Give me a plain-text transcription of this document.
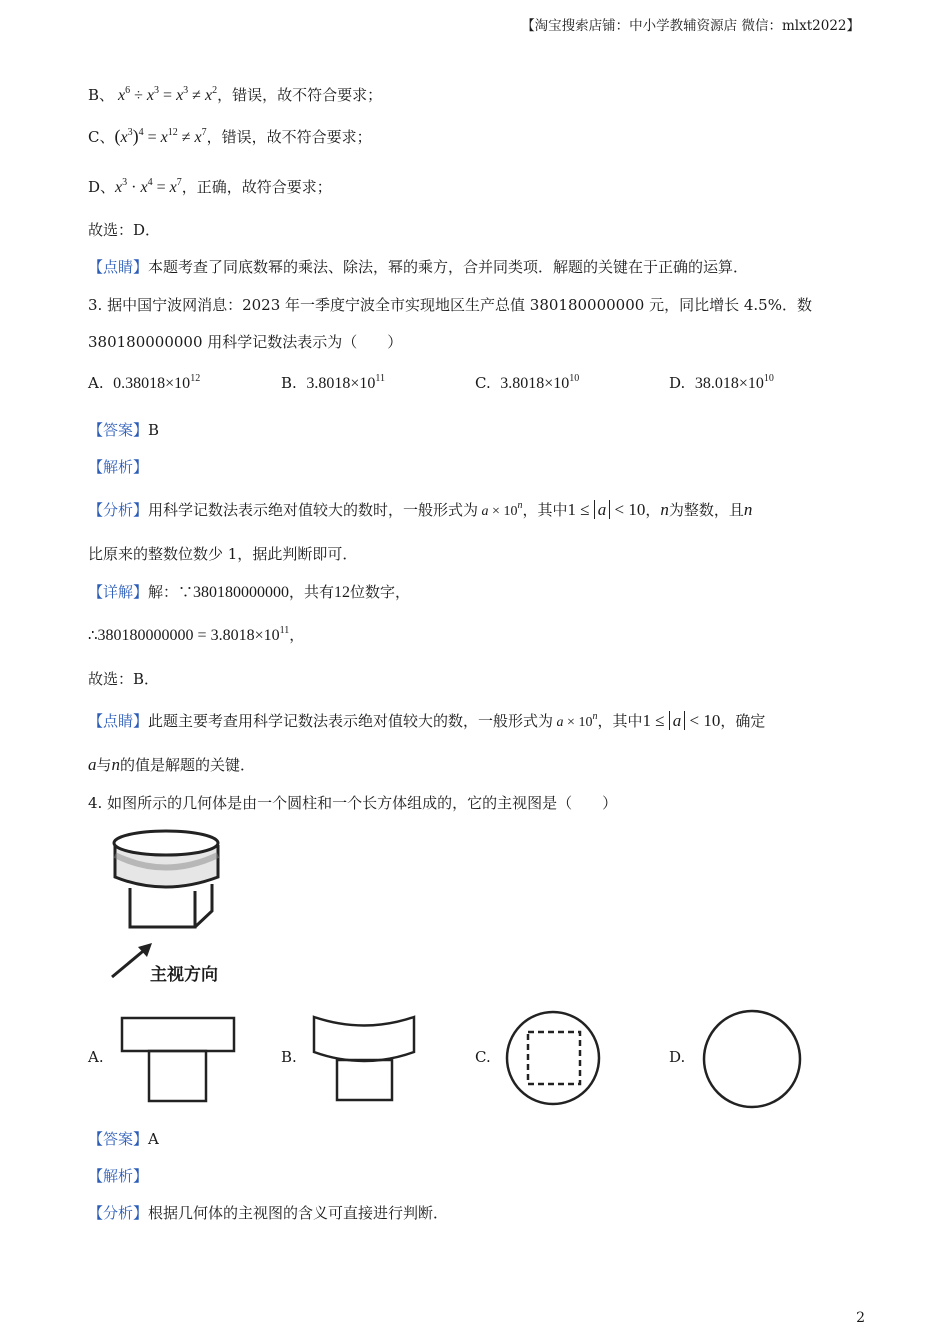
【淘宝搜索店铺：中小学教辅资源店 微信：mlxt2022】
B、 $x^6 \div x^3 = x^3 \ne x^2$，错误，故不符合要求；
C、$(x^3)^4 = x^{12} \ne x^7$，错误，故不符合要求；
D、$x^3 \cdot x^4 = x^7$，正确，故符合要求；
故选：D．
【点睛】本题考查了同底数幂的乘法、除法，幂的乘方，合并同类项．解题的关键在于正确的运算．
3. 据中国宁波网消息：2023 年一季度宁波全市实现地区生产总值 380180000000 元，同比增长 4.5%．数
380180000000 用科学记数法表示为（　　）
A. $0.38018\times 10^{12}$	B. $3.8018\times 10^{11}$	C. $3.8018\times 10^{10}$	D. $38.018\times 10^{10}$
【答案】B
【解析】
【分析】用科学记数法表示绝对值较大的数时，一般形式为 $a \times 10^n$，其中1 ≤ a < 10，n为整数，且n
比原来的整数位数少 1，据此判断即可．
【详解】解：∵380180000000，共有12位数字，
∴380180000000 = $3.8018\times 10^{11}$，
故选：B．
【点睛】此题主要考查用科学记数法表示绝对值较大的数，一般形式为 $a \times 10^n$，其中1 ≤ a < 10，确定
a与n的值是解题的关键．
4. 如图所示的几何体是由一个圆柱和一个长方体组成的，它的主视图是（　　）
主视方向
A.	B.	C.	D.
【答案】A
【解析】
【分析】根据几何体的主视图的含义可直接进行判断．
2
